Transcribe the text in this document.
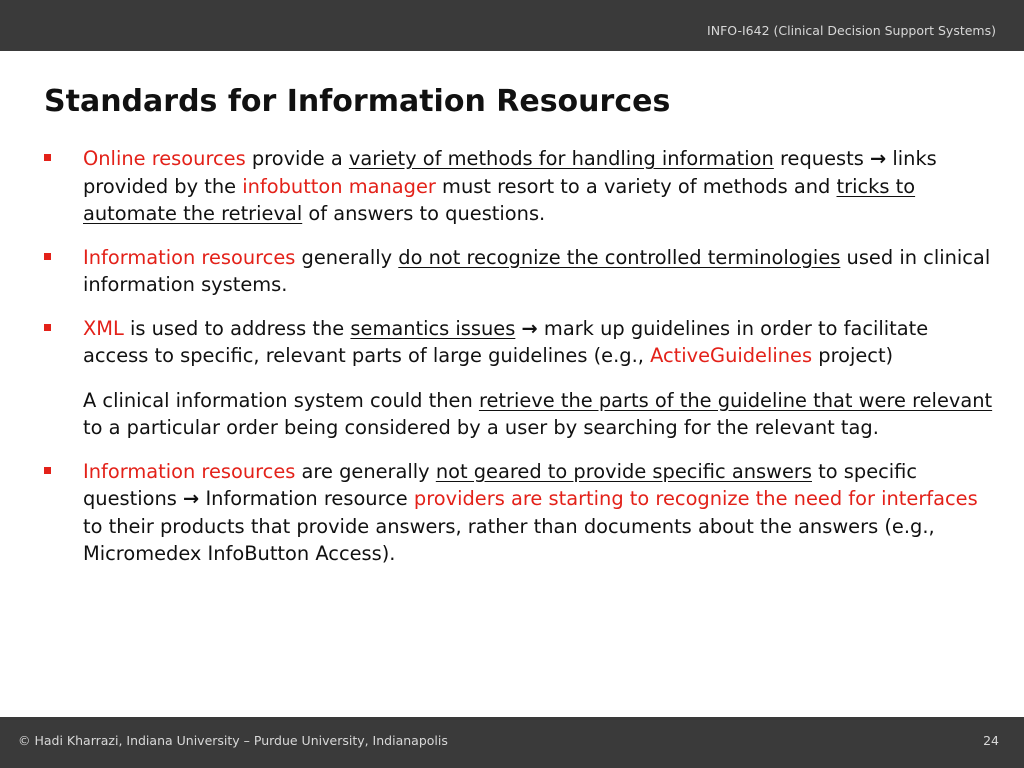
INFO-I642 (Clinical Decision Support Systems)
Standards for Information Resources

Online resources provide a variety of methods for handling information requests → links provided by the infobutton manager must resort to a variety of methods and tricks to automate the retrieval of answers to questions.

Information resources generally do not recognize the controlled terminologies used in clinical information systems.

XML is used to address the semantics issues → mark up guidelines in order to facilitate access to specific, relevant parts of large guidelines (e.g., ActiveGuidelines project)

A clinical information system could then retrieve the parts of the guideline that were relevant to a particular order being considered by a user by searching for the relevant tag.

Information resources are generally not geared to provide specific answers to specific questions → Information resource providers are starting to recognize the need for interfaces to their products that provide answers, rather than documents about the answers (e.g., Micromedex InfoButton Access).

© Hadi Kharrazi, Indiana University – Purdue University, Indianapolis	24
